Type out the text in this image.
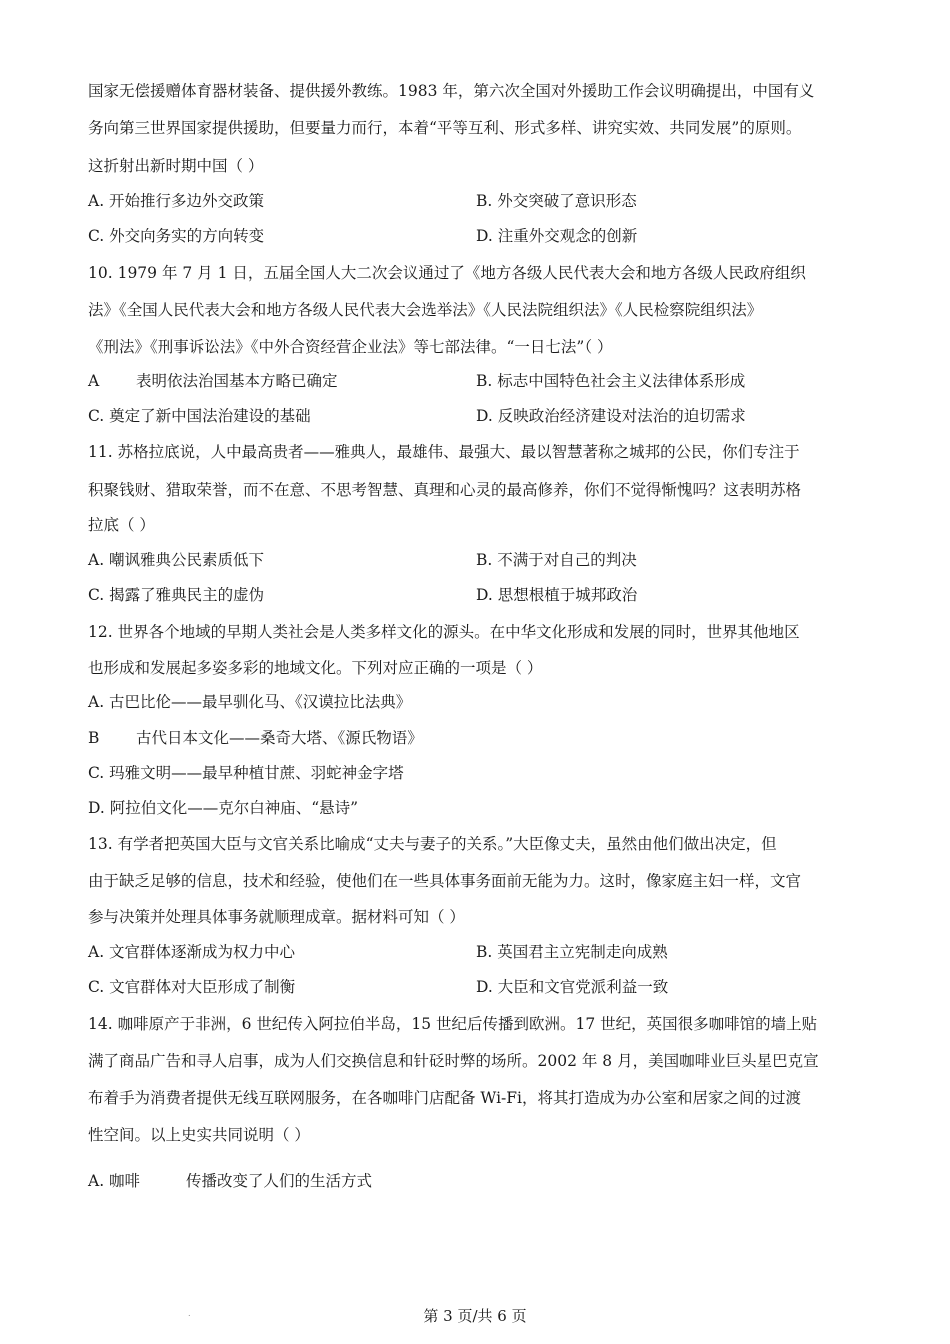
国家无偿援赠体育器材装备、提供援外教练。1983 年，第六次全国对外援助工作会议明确提出，中国有义
务向第三世界国家提供援助，但要量力而行，本着“平等互利、形式多样、讲究实效、共同发展”的原则。
这折射出新时期中国（ ）
A. 开始推行多边外交政策	B. 外交突破了意识形态
C. 外交向务实的方向转变	D. 注重外交观念的创新
10. 1979 年 7 月 1 日，五届全国人大二次会议通过了《地方各级人民代表大会和地方各级人民政府组织
法》《全国人民代表大会和地方各级人民代表大会选举法》《人民法院组织法》《人民检察院组织法》
《刑法》《刑事诉讼法》《中外合资经营企业法》等七部法律。“一日七法”（ ）
A 表明依法治国基本方略已确定	B. 标志中国特色社会主义法律体系形成
C. 奠定了新中国法治建设的基础	D. 反映政治经济建设对法治的迫切需求
11. 苏格拉底说，人中最高贵者——雅典人，最雄伟、最强大、最以智慧著称之城邦的公民，你们专注于
积聚钱财、猎取荣誉，而不在意、不思考智慧、真理和心灵的最高修养，你们不觉得惭愧吗？这表明苏格
拉底（ ）
A. 嘲讽雅典公民素质低下	B. 不满于对自己的判决
C. 揭露了雅典民主的虚伪	D. 思想根植于城邦政治
12. 世界各个地域的早期人类社会是人类多样文化的源头。在中华文化形成和发展的同时，世界其他地区
也形成和发展起多姿多彩的地域文化。下列对应正确的一项是（ ）
A. 古巴比伦——最早驯化马、《汉谟拉比法典》
B 古代日本文化——桑奇大塔、《源氏物语》
C. 玛雅文明——最早种植甘蔗、羽蛇神金字塔
D. 阿拉伯文化——克尔白神庙、“悬诗”
13. 有学者把英国大臣与文官关系比喻成“丈夫与妻子的关系。”大臣像丈夫，虽然由他们做出决定，但
由于缺乏足够的信息，技术和经验，使他们在一些具体事务面前无能为力。这时，像家庭主妇一样，文官
参与决策并处理具体事务就顺理成章。据材料可知（ ）
A. 文官群体逐渐成为权力中心	B. 英国君主立宪制走向成熟
C. 文官群体对大臣形成了制衡	D. 大臣和文官党派利益一致
14. 咖啡原产于非洲，6 世纪传入阿拉伯半岛，15 世纪后传播到欧洲。17 世纪，英国很多咖啡馆的墙上贴
满了商品广告和寻人启事，成为人们交换信息和针砭时弊的场所。2002 年 8 月，美国咖啡业巨头星巴克宣
布着手为消费者提供无线互联网服务，在各咖啡门店配备 Wi-Fi，将其打造成为办公室和居家之间的过渡
性空间。以上史实共同说明（ ）
A. 咖啡	传播改变了人们的生活方式
.	第 3 页/共 6 页
